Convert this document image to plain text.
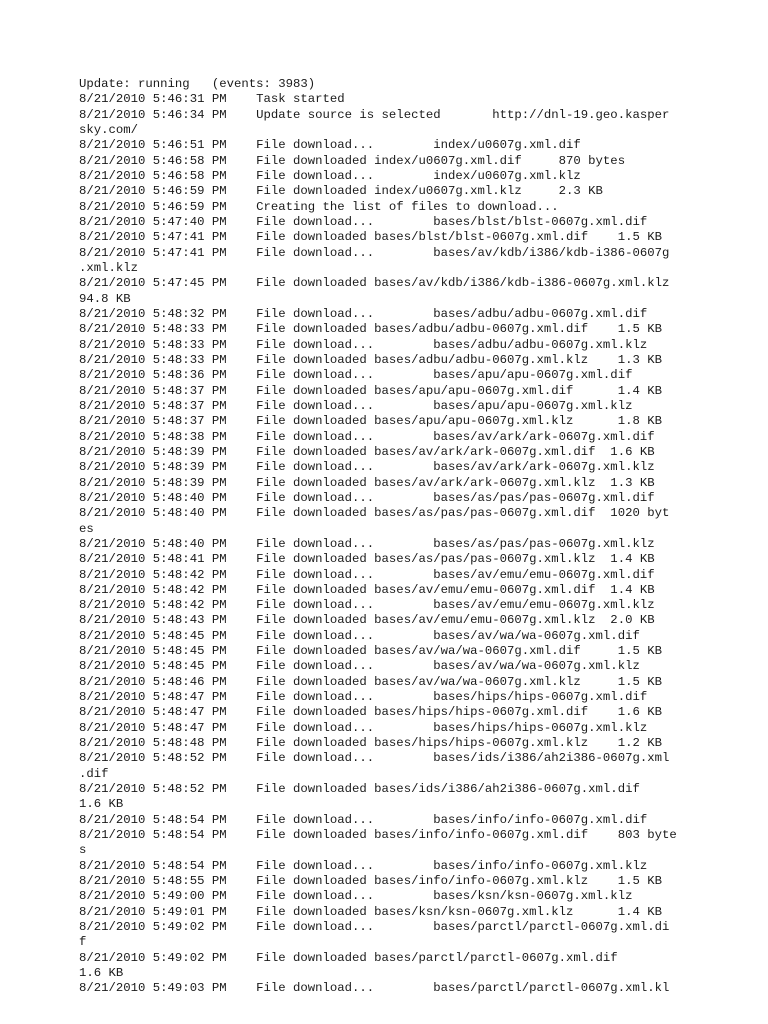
Update: running   (events: 3983)
8/21/2010 5:46:31 PM    Task started
8/21/2010 5:46:34 PM    Update source is selected       http://dnl-19.geo.kasper
sky.com/
8/21/2010 5:46:51 PM    File download...        index/u0607g.xml.dif
8/21/2010 5:46:58 PM    File downloaded index/u0607g.xml.dif     870 bytes
8/21/2010 5:46:58 PM    File download...        index/u0607g.xml.klz
8/21/2010 5:46:59 PM    File downloaded index/u0607g.xml.klz     2.3 KB
8/21/2010 5:46:59 PM    Creating the list of files to download...
8/21/2010 5:47:40 PM    File download...        bases/blst/blst-0607g.xml.dif
8/21/2010 5:47:41 PM    File downloaded bases/blst/blst-0607g.xml.dif    1.5 KB
8/21/2010 5:47:41 PM    File download...        bases/av/kdb/i386/kdb-i386-0607g
.xml.klz
8/21/2010 5:47:45 PM    File downloaded bases/av/kdb/i386/kdb-i386-0607g.xml.klz
94.8 KB
8/21/2010 5:48:32 PM    File download...        bases/adbu/adbu-0607g.xml.dif
8/21/2010 5:48:33 PM    File downloaded bases/adbu/adbu-0607g.xml.dif    1.5 KB
8/21/2010 5:48:33 PM    File download...        bases/adbu/adbu-0607g.xml.klz
8/21/2010 5:48:33 PM    File downloaded bases/adbu/adbu-0607g.xml.klz    1.3 KB
8/21/2010 5:48:36 PM    File download...        bases/apu/apu-0607g.xml.dif
8/21/2010 5:48:37 PM    File downloaded bases/apu/apu-0607g.xml.dif      1.4 KB
8/21/2010 5:48:37 PM    File download...        bases/apu/apu-0607g.xml.klz
8/21/2010 5:48:37 PM    File downloaded bases/apu/apu-0607g.xml.klz      1.8 KB
8/21/2010 5:48:38 PM    File download...        bases/av/ark/ark-0607g.xml.dif
8/21/2010 5:48:39 PM    File downloaded bases/av/ark/ark-0607g.xml.dif  1.6 KB
8/21/2010 5:48:39 PM    File download...        bases/av/ark/ark-0607g.xml.klz
8/21/2010 5:48:39 PM    File downloaded bases/av/ark/ark-0607g.xml.klz  1.3 KB
8/21/2010 5:48:40 PM    File download...        bases/as/pas/pas-0607g.xml.dif
8/21/2010 5:48:40 PM    File downloaded bases/as/pas/pas-0607g.xml.dif  1020 byt
es
8/21/2010 5:48:40 PM    File download...        bases/as/pas/pas-0607g.xml.klz
8/21/2010 5:48:41 PM    File downloaded bases/as/pas/pas-0607g.xml.klz  1.4 KB
8/21/2010 5:48:42 PM    File download...        bases/av/emu/emu-0607g.xml.dif
8/21/2010 5:48:42 PM    File downloaded bases/av/emu/emu-0607g.xml.dif  1.4 KB
8/21/2010 5:48:42 PM    File download...        bases/av/emu/emu-0607g.xml.klz
8/21/2010 5:48:43 PM    File downloaded bases/av/emu/emu-0607g.xml.klz  2.0 KB
8/21/2010 5:48:45 PM    File download...        bases/av/wa/wa-0607g.xml.dif
8/21/2010 5:48:45 PM    File downloaded bases/av/wa/wa-0607g.xml.dif     1.5 KB
8/21/2010 5:48:45 PM    File download...        bases/av/wa/wa-0607g.xml.klz
8/21/2010 5:48:46 PM    File downloaded bases/av/wa/wa-0607g.xml.klz     1.5 KB
8/21/2010 5:48:47 PM    File download...        bases/hips/hips-0607g.xml.dif
8/21/2010 5:48:47 PM    File downloaded bases/hips/hips-0607g.xml.dif    1.6 KB
8/21/2010 5:48:47 PM    File download...        bases/hips/hips-0607g.xml.klz
8/21/2010 5:48:48 PM    File downloaded bases/hips/hips-0607g.xml.klz    1.2 KB
8/21/2010 5:48:52 PM    File download...        bases/ids/i386/ah2i386-0607g.xml
.dif
8/21/2010 5:48:52 PM    File downloaded bases/ids/i386/ah2i386-0607g.xml.dif
1.6 KB
8/21/2010 5:48:54 PM    File download...        bases/info/info-0607g.xml.dif
8/21/2010 5:48:54 PM    File downloaded bases/info/info-0607g.xml.dif    803 byte
s
8/21/2010 5:48:54 PM    File download...        bases/info/info-0607g.xml.klz
8/21/2010 5:48:55 PM    File downloaded bases/info/info-0607g.xml.klz    1.5 KB
8/21/2010 5:49:00 PM    File download...        bases/ksn/ksn-0607g.xml.klz
8/21/2010 5:49:01 PM    File downloaded bases/ksn/ksn-0607g.xml.klz      1.4 KB
8/21/2010 5:49:02 PM    File download...        bases/parctl/parctl-0607g.xml.di
f
8/21/2010 5:49:02 PM    File downloaded bases/parctl/parctl-0607g.xml.dif
1.6 KB
8/21/2010 5:49:03 PM    File download...        bases/parctl/parctl-0607g.xml.kl
